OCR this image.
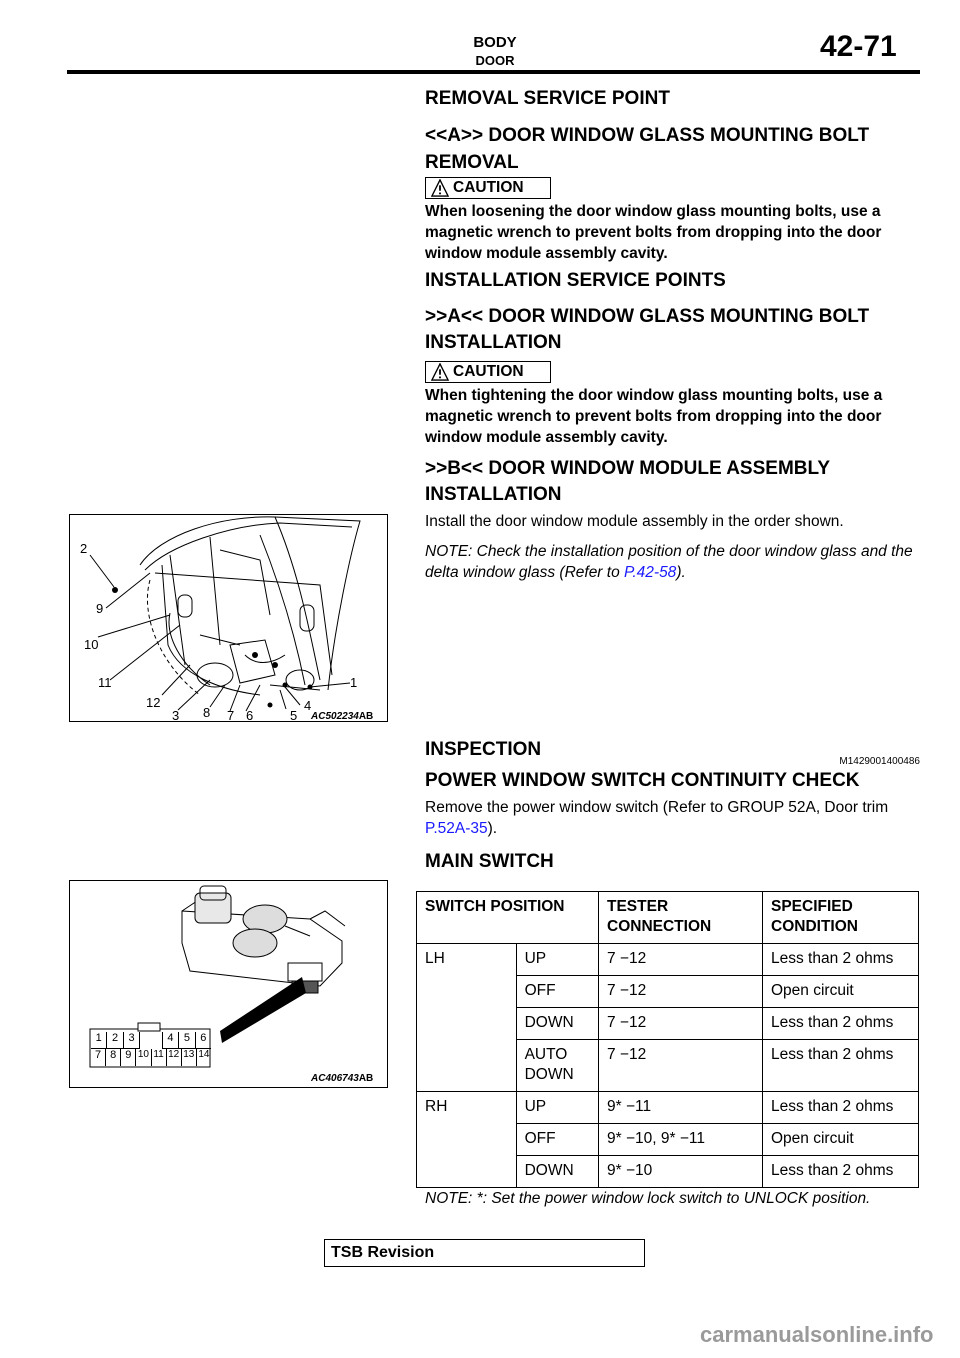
BODY
DOOR	42-71
REMOVAL SERVICE POINT
<<A>> DOOR WINDOW GLASS MOUNTING BOLT
REMOVAL
CAUTION

When loosening the door window glass mounting bolts, use a magnetic wrench to prevent bolts from dropping into the door window module assembly cavity.

INSTALLATION SERVICE POINTS
>>A<< DOOR WINDOW GLASS MOUNTING BOLT
INSTALLATION
CAUTION

When tightening the door window glass mounting bolts, use a magnetic wrench to prevent bolts from dropping into the door window module assembly cavity.

>>B<< DOOR WINDOW MODULE ASSEMBLY
INSTALLATION

Install the door window module assembly in the order shown.

NOTE: Check the installation position of the door window glass and the delta window glass (Refer to P.42-58).

2
9
10
11
12
3 8 7 6	5
4
1
AC502234AB
INSPECTION
M1429001400486
POWER WINDOW SWITCH CONTINUITY CHECK

Remove the power window switch (Refer to GROUP 52A, Door trim P.52A-35).

MAIN SWITCH
1 2 3	4 5 6
7 8 9 10 11 12 13 14
AC406743AB
SWITCH POSITION		TESTER CONNECTION	SPECIFIED CONDITION
LH	UP	7 −12	Less than 2 ohms
	OFF	7 −12	Open circuit
	DOWN	7 −12	Less than 2 ohms
	AUTO DOWN	7 −12	Less than 2 ohms
RH	UP	9* −11	Less than 2 ohms
	OFF	9* −10, 9* −11	Open circuit
	DOWN	9* −10	Less than 2 ohms

NOTE: *: Set the power window lock switch to UNLOCK position.

TSB Revision
carmanualsonline.info
